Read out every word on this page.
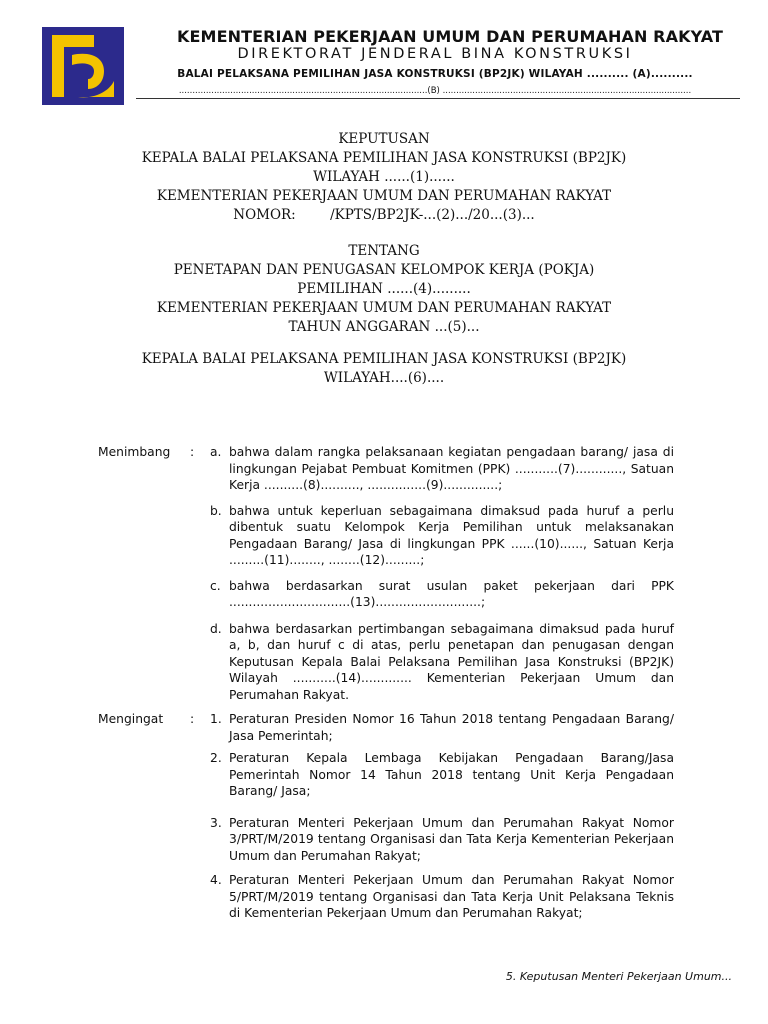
KEMENTERIAN PEKERJAAN UMUM DAN PERUMAHAN RAKYAT
DIREKTORAT JENDERAL BINA KONSTRUKSI
BALAI PELAKSANA PEMILIHAN JASA KONSTRUKSI (BP2JK) WILAYAH .......... (A)..........
............................................................................................(B) ............................................................................................
KEPUTUSAN
KEPALA BALAI PELAKSANA PEMILIHAN JASA KONSTRUKSI (BP2JK)
WILAYAH ......(1)......
KEMENTERIAN PEKERJAAN UMUM DAN PERUMAHAN RAKYAT
NOMOR:        /KPTS/BP2JK-...(2).../20...(3)...
TENTANG
PENETAPAN DAN PENUGASAN KELOMPOK KERJA (POKJA)
PEMILIHAN ......(4).........
KEMENTERIAN PEKERJAAN UMUM DAN PERUMAHAN RAKYAT
TAHUN ANGGARAN ...(5)...
KEPALA BALAI PELAKSANA PEMILIHAN JASA KONSTRUKSI (BP2JK)
WILAYAH....(6)....
Menimbang	: a. bahwa dalam rangka pelaksanaan kegiatan pengadaan barang/ jasa di lingkungan Pejabat Pembuat Komitmen (PPK) ...........(7)............, Satuan Kerja ..........(8).........., ...............(9)..............;
b. bahwa untuk keperluan sebagaimana dimaksud pada huruf a perlu dibentuk suatu Kelompok Kerja Pemilihan untuk melaksanakan Pengadaan Barang/ Jasa di lingkungan PPK ......(10)......, Satuan Kerja .........(11)........, ........(12).........;
c. bahwa berdasarkan surat usulan paket pekerjaan dari PPK ...............................(13)...........................;
d. bahwa berdasarkan pertimbangan sebagaimana dimaksud pada huruf a, b, dan huruf c di atas, perlu penetapan dan penugasan dengan Keputusan Kepala Balai Pelaksana Pemilihan Jasa Konstruksi (BP2JK) Wilayah ...........(14)............. Kementerian Pekerjaan Umum dan Perumahan Rakyat.
Mengingat	: 1. Peraturan Presiden Nomor 16 Tahun 2018 tentang Pengadaan Barang/ Jasa Pemerintah;
2. Peraturan Kepala Lembaga Kebijakan Pengadaan Barang/Jasa Pemerintah Nomor 14 Tahun 2018 tentang Unit Kerja Pengadaan Barang/ Jasa;
3. Peraturan Menteri Pekerjaan Umum dan Perumahan Rakyat Nomor 3/PRT/M/2019 tentang Organisasi dan Tata Kerja Kementerian Pekerjaan Umum dan Perumahan Rakyat;
4. Peraturan Menteri Pekerjaan Umum dan Perumahan Rakyat Nomor 5/PRT/M/2019 tentang Organisasi dan Tata Kerja Unit Pelaksana Teknis di Kementerian Pekerjaan Umum dan Perumahan Rakyat;
5. Keputusan Menteri Pekerjaan Umum...
